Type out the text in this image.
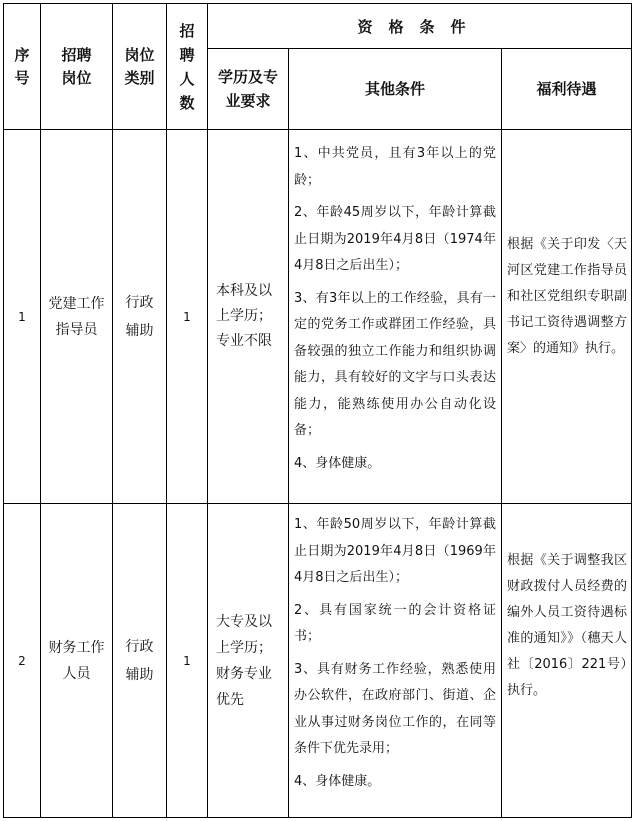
序号
招聘岗位
岗位类别
招聘人数
资格条件
学历及专业要求
其他条件	福利待遇
1
党建工作指导员
行政辅助
1
本科及以上学历；
专业不限

1、中共党员，且有3年以上的党龄；

2、年龄45周岁以下，年龄计算截止日期为2019年4月8日（1974年4月8日之后出生）；

3、有3年以上的工作经验，具有一定的党务工作或群团工作经验，具备较强的独立工作能力和组织协调能力，具有较好的文字与口头表达能力，能熟练使用办公自动化设备；

4、身体健康。

根据《关于印发〈天河区党建工作指导员和社区党组织专职副书记工资待遇调整方案〉的通知》执行。
2
财务工作人员
行政辅助
1
大专及以上学历；
财务专业优先

1、年龄50周岁以下，年龄计算截止日期为2019年4月8日（1969年4月8日之后出生）；

2、具有国家统一的会计资格证书；

3、具有财务工作经验，熟悉使用办公软件，在政府部门、街道、企业从事过财务岗位工作的，在同等条件下优先录用；

4、身体健康。

根据《关于调整我区财政拨付人员经费的编外人员工资待遇标准的通知》》（穗天人社〔2016〕221号）执行。
